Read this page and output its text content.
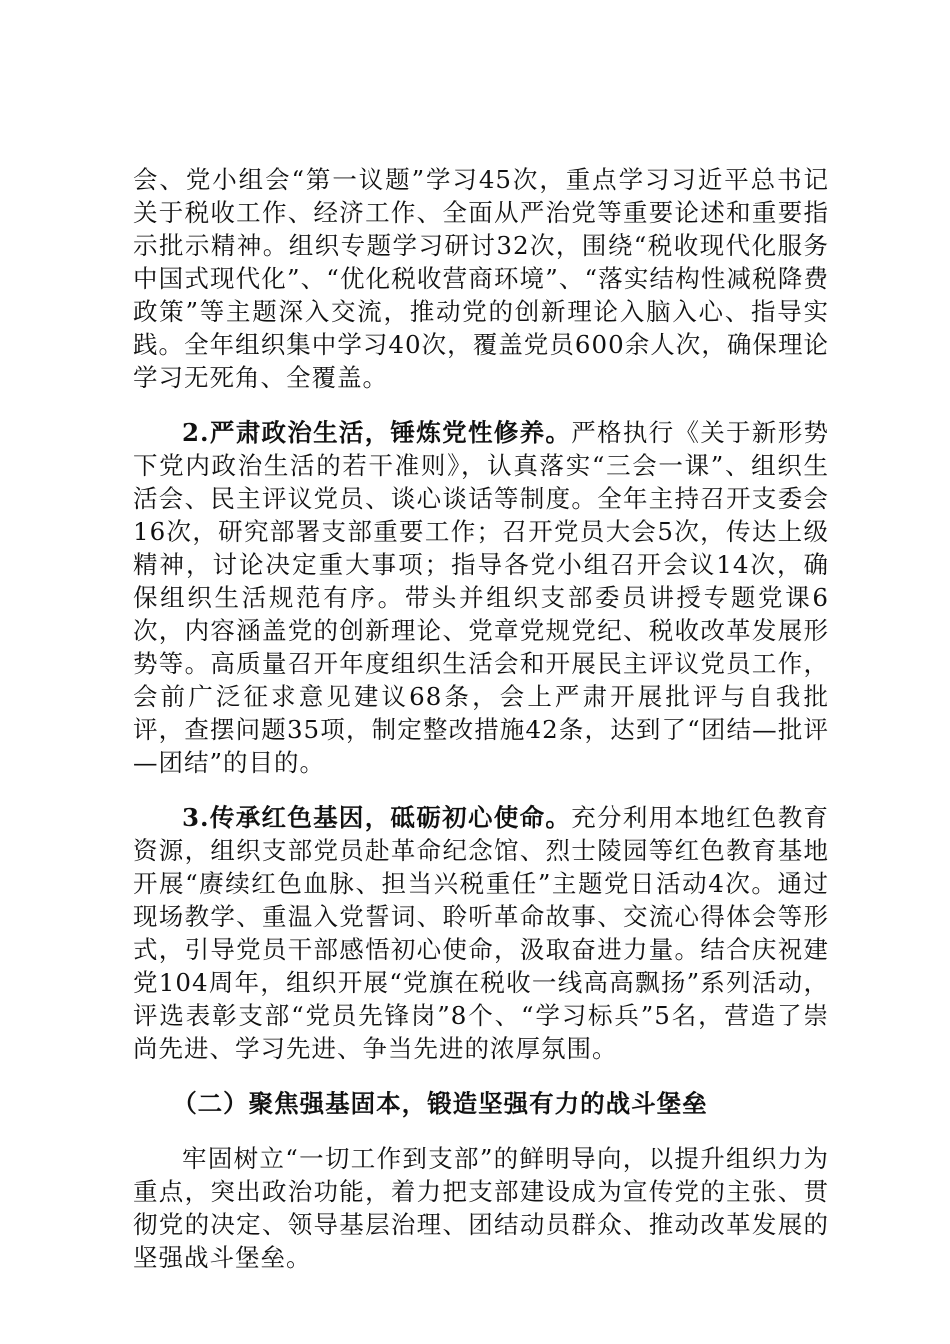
会、党小组会“第一议题”学习45次，重点学习习近平总书记关于税收工作、经济工作、全面从严治党等重要论述和重要指示批示精神。组织专题学习研讨32次，围绕“税收现代化服务中国式现代化”、“优化税收营商环境”、“落实结构性减税降费政策”等主题深入交流，推动党的创新理论入脑入心、指导实践。全年组织集中学习40次，覆盖党员600余人次，确保理论学习无死角、全覆盖。

2.严肃政治生活，锤炼党性修养。严格执行《关于新形势下党内政治生活的若干准则》，认真落实“三会一课”、组织生活会、民主评议党员、谈心谈话等制度。全年主持召开支委会16次，研究部署支部重要工作；召开党员大会5次，传达上级精神，讨论决定重大事项；指导各党小组召开会议14次，确保组织生活规范有序。带头并组织支部委员讲授专题党课6次，内容涵盖党的创新理论、党章党规党纪、税收改革发展形势等。高质量召开年度组织生活会和开展民主评议党员工作，会前广泛征求意见建议68条，会上严肃开展批评与自我批评，查摆问题35项，制定整改措施42条，达到了“团结—批评—团结”的目的。

3.传承红色基因，砥砺初心使命。充分利用本地红色教育资源，组织支部党员赴革命纪念馆、烈士陵园等红色教育基地开展“赓续红色血脉、担当兴税重任”主题党日活动4次。通过现场教学、重温入党誓词、聆听革命故事、交流心得体会等形式，引导党员干部感悟初心使命，汲取奋进力量。结合庆祝建党104周年，组织开展“党旗在税收一线高高飘扬”系列活动，评选表彰支部“党员先锋岗”8个、“学习标兵”5名，营造了崇尚先进、学习先进、争当先进的浓厚氛围。

（二）聚焦强基固本，锻造坚强有力的战斗堡垒

牢固树立“一切工作到支部”的鲜明导向，以提升组织力为重点，突出政治功能，着力把支部建设成为宣传党的主张、贯彻党的决定、领导基层治理、团结动员群众、推动改革发展的坚强战斗堡垒。
